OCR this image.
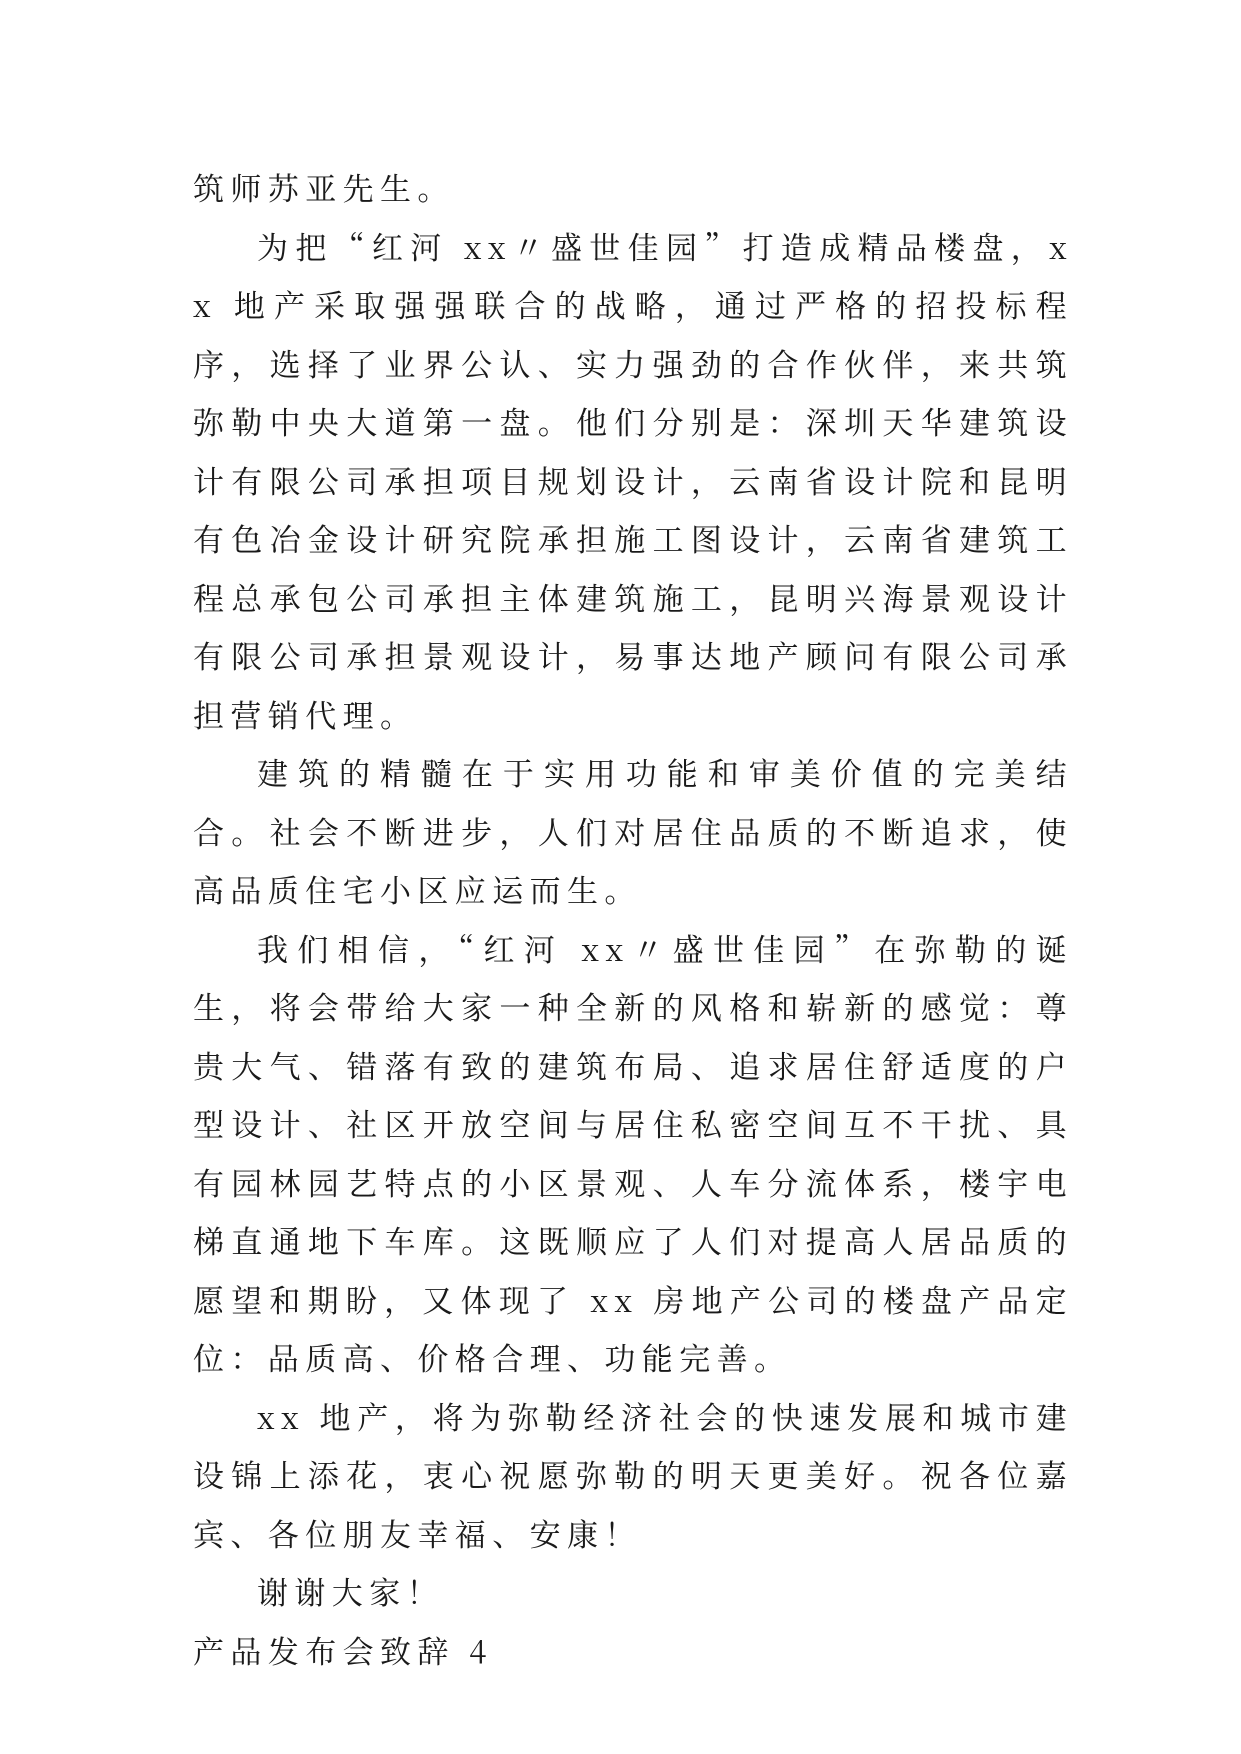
筑师苏亚先生。

为把“红河 xx〃盛世佳园”打造成精品楼盘，xx 地产采取强强联合的战略，通过严格的招投标程序，选择了业界公认、实力强劲的合作伙伴，来共筑弥勒中央大道第一盘。他们分别是：深圳天华建筑设计有限公司承担项目规划设计，云南省设计院和昆明有色冶金设计研究院承担施工图设计，云南省建筑工程总承包公司承担主体建筑施工，昆明兴海景观设计有限公司承担景观设计，易事达地产顾问有限公司承担营销代理。

建筑的精髓在于实用功能和审美价值的完美结合。社会不断进步，人们对居住品质的不断追求，使高品质住宅小区应运而生。

我们相信，“红河 xx〃盛世佳园”在弥勒的诞生，将会带给大家一种全新的风格和崭新的感觉：尊贵大气、错落有致的建筑布局、追求居住舒适度的户型设计、社区开放空间与居住私密空间互不干扰、具有园林园艺特点的小区景观、人车分流体系，楼宇电梯直通地下车库。这既顺应了人们对提高人居品质的愿望和期盼，又体现了 xx 房地产公司的楼盘产品定位：品质高、价格合理、功能完善。

xx 地产，将为弥勒经济社会的快速发展和城市建设锦上添花，衷心祝愿弥勒的明天更美好。祝各位嘉宾、各位朋友幸福、安康！

谢谢大家！

产品发布会致辞 4
